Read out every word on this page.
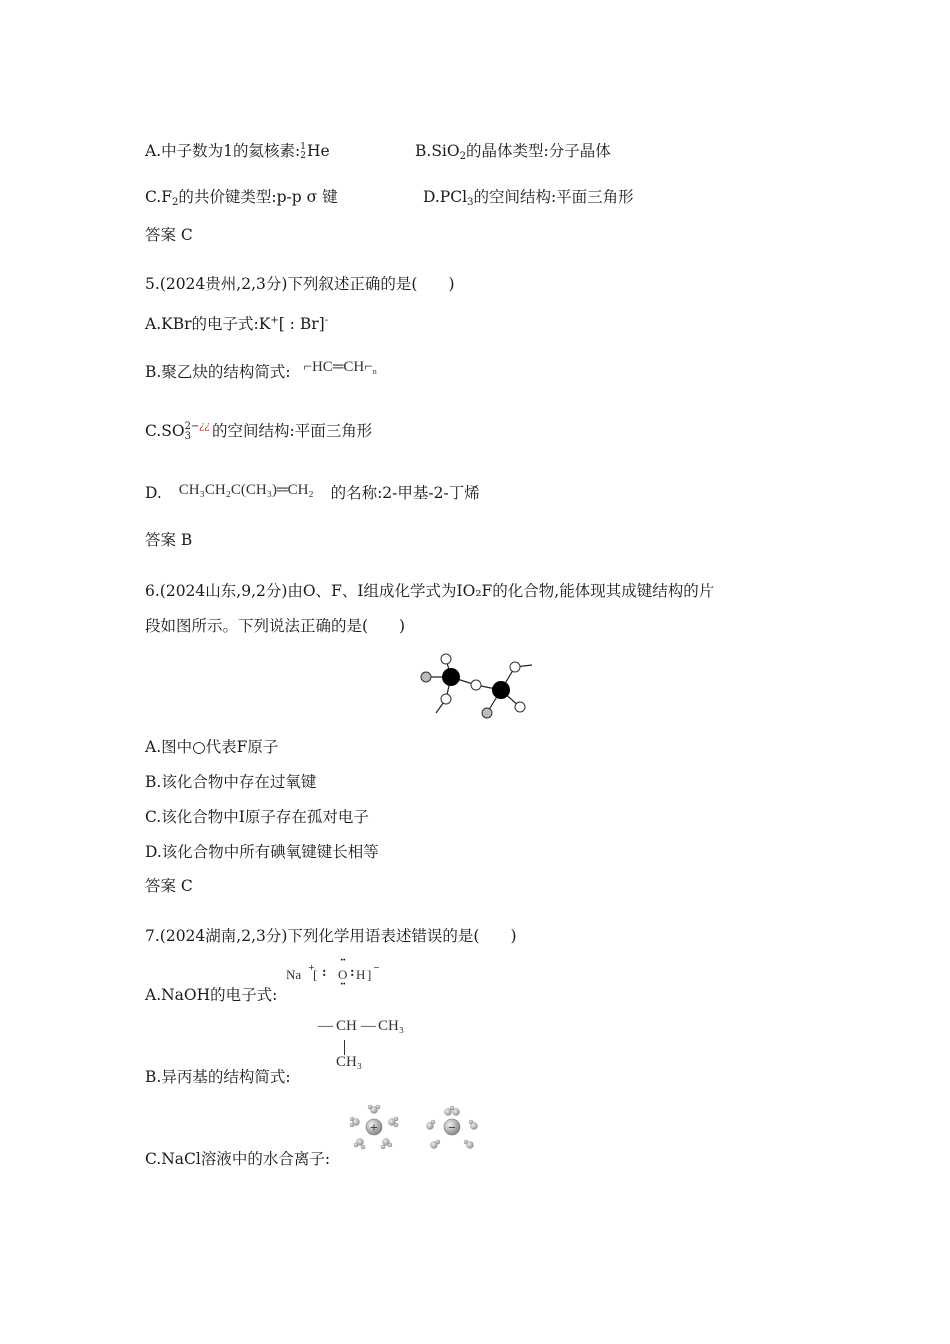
A.中子数为1的氦核素:1
2He	B.SiO$_2$的晶体类型:分子晶体
$C.F_2$的共价键类型:p-p σ 键	D.PCl$_3$的空间结构:平面三角形
答案 C
5.(2024贵州,2,3分)下列叙述正确的是(　　)
A.KBr的电子式:K+[ : Br]-
B.聚乙炔的结构简式: $⌐HC═CH⌐_n$
C.SO2−¿¿
3 的空间结构:平面三角形
D. CH₃CH₂C(CH₃)═CH₂ 的名称:2-甲基-2-丁烯
答案 B
6.(2024山东,9,2分)由O、F、I组成化学式为IO₂F的化合物,能体现其成键结构的片
段如图所示。下列说法正确的是(　　)
A.图中○代表F原子
B.该化合物中存在过氧键
C.该化合物中I原子存在孤对电子
D.该化合物中所有碘氧键键长相等
答案 C
7.(2024湖南,2,3分)下列化学用语表述错误的是(　　)
A.NaOH的电子式:
Na +
[ :
··
O
··
: H ] −
— CH — CH₃
CH₃
B.异丙基的结构简式:
+	−
C.NaCl溶液中的水合离子:
